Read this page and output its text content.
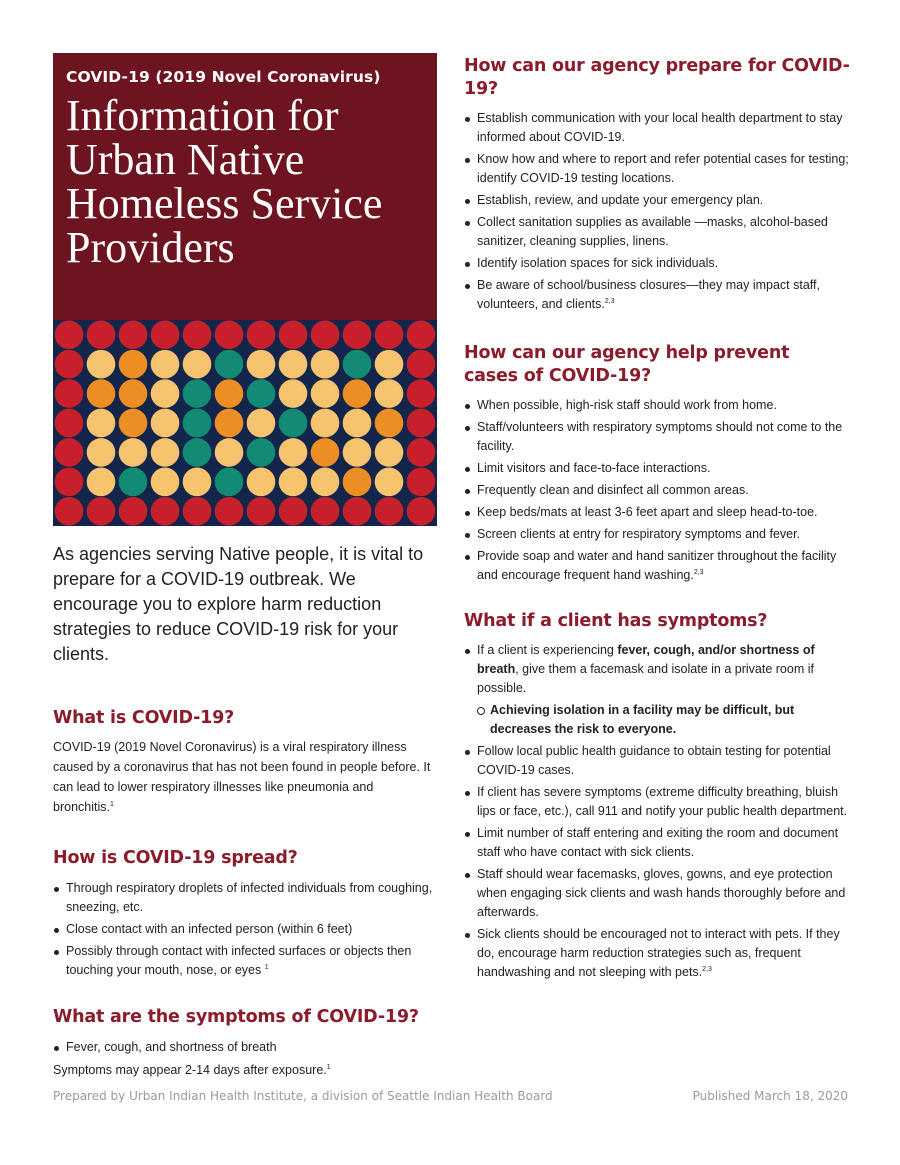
COVID-19 (2019 Novel Coronavirus)
Information for
Urban Native
Homeless Service
Providers
As agencies serving Native people, it is vital to prepare for a COVID-19 outbreak. We encourage you to explore harm reduction strategies to reduce COVID-19 risk for your clients.
What is COVID-19?

COVID-19 (2019 Novel Coronavirus) is a viral respiratory illness caused by a coronavirus that has not been found in people before. It can lead to lower respiratory illnesses like pneumonia and bronchitis.$^1$

How is COVID-19 spread?
Through respiratory droplets of infected individuals from coughing, sneezing, etc.
Close contact with an infected person (within 6 feet)
Possibly through contact with infected surfaces or objects then touching your mouth, nose, or eyes $^1$
What are the symptoms of COVID-19?
Fever, cough, and shortness of breath

Symptoms may appear 2-14 days after exposure.$^1$

How can our agency prepare for COVID-19?
Establish communication with your local health department to stay informed about COVID-19.
Know how and where to report and refer potential cases for testing; identify COVID-19 testing locations.
Establish, review, and update your emergency plan.
Collect sanitation supplies as available —masks, alcohol-based sanitizer, cleaning supplies, linens.
Identify isolation spaces for sick individuals.
Be aware of school/business closures—they may impact staff, volunteers, and clients.$^{2,3}$
How can our agency help prevent cases of COVID-19?
When possible, high-risk staff should work from home.
Staff/volunteers with respiratory symptoms should not come to the facility.
Limit visitors and face-to-face interactions.
Frequently clean and disinfect all common areas.
Keep beds/mats at least 3-6 feet apart and sleep head-to-toe.
Screen clients at entry for respiratory symptoms and fever.
Provide soap and water and hand sanitizer throughout the facility and encourage frequent hand washing.$^{2,3}$
What if a client has symptoms?
If a client is experiencing fever, cough, and/or shortness of breath, give them a facemask and isolate in a private room if possible.
Achieving isolation in a facility may be difficult, but decreases the risk to everyone.
Follow local public health guidance to obtain testing for potential COVID-19 cases.
If client has severe symptoms (extreme difficulty breathing, bluish lips or face, etc.), call 911 and notify your public health department.
Limit number of staff entering and exiting the room and document staff who have contact with sick clients.
Staff should wear facemasks, gloves, gowns, and eye protection when engaging sick clients and wash hands thoroughly before and afterwards.
Sick clients should be encouraged not to interact with pets. If they do, encourage harm reduction strategies such as, frequent handwashing and not sleeping with pets.$^{2,3}$
Prepared by Urban Indian Health Institute, a division of Seattle Indian Health Board	Published March 18, 2020
